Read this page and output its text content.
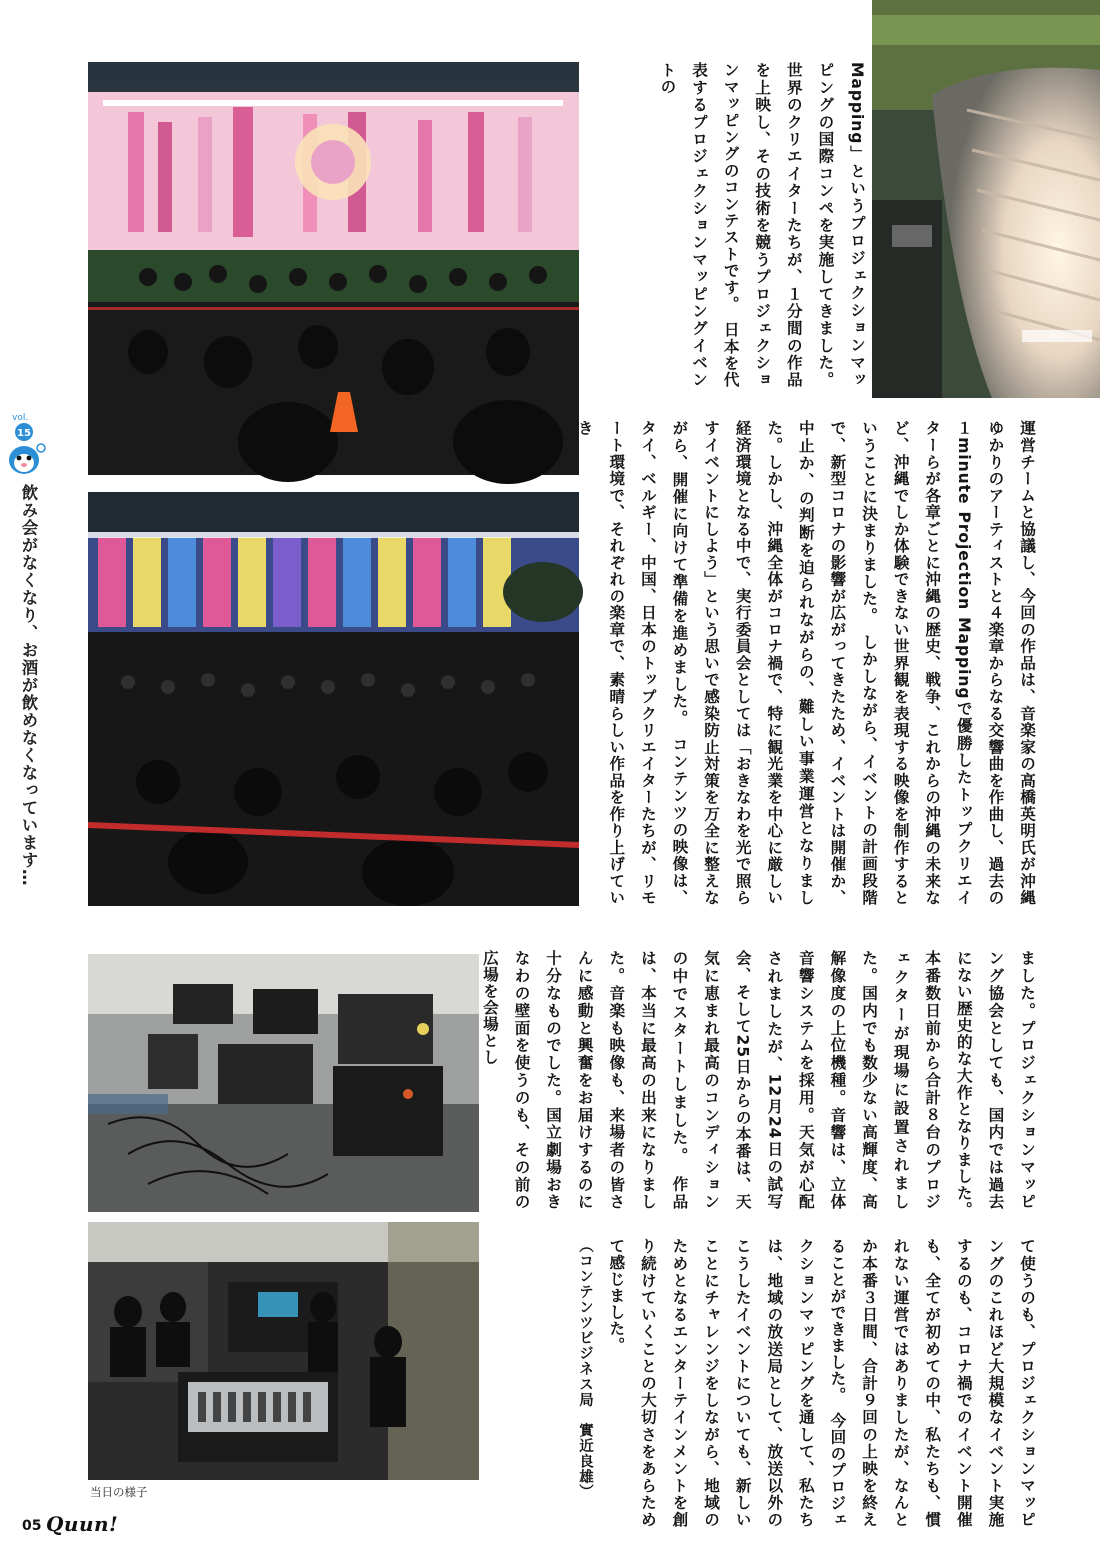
運営チームと協議し、今回の作品は、音楽家の高橋英明氏が沖縄ゆかりのアーティストと４楽章からなる交響曲を作曲し、過去の１minute Projection Mappingで優勝したトップクリエイターらが各章ごとに沖縄の歴史、戦争、これからの沖縄の未来など、沖縄でしか体験できない世界観を表現する映像を制作するということに決まりました。　しかしながら、イベントの計画段階で、新型コロナの影響が広がってきたため、イベントは開催か、中止か、の判断を迫られながらの、難しい事業運営となりました。しかし、沖縄全体がコロナ禍で、特に観光業を中心に厳しい経済環境となる中で、実行委員会としては「おきなわを光で照らすイベントにしよう」という思いで感染防止対策を万全に整えながら、開催に向けて準備を進めました。　コンテンツの映像は、タイ、ベルギー、中国、日本のトップクリエイターたちが、リモート環境で、それぞれの楽章で、素晴らしい作品を作り上げていき

Mapping」というプロジェクションマッピングの国際コンペを実施してきました。世界のクリエイターたちが、１分間の作品を上映し、その技術を競うプロジェクションマッピングのコンテストです。　日本を代表するプロジェクションマッピングイベントの

ました。プロジェクションマッピング協会としても、国内では過去にない歴史的な大作となりました。　本番数日前から合計８台のプロジェクターが現場に設置されました。国内でも数少ない高輝度、高解像度の上位機種。音響は、立体音響システムを採用。天気が心配されましたが、12月24日の試写会、そして25日からの本番は、天気に恵まれ最高のコンディションの中でスタートしました。　作品は、本当に最高の出来になりました。音楽も映像も、来場者の皆さんに感動と興奮をお届けするのに十分なものでした。国立劇場おきなわの壁面を使うのも、その前の広場を会場とし

て使うのも、プロジェクションマッピングのこれほど大規模なイベント実施するのも、コロナ禍でのイベント開催も、全てが初めての中、私たちも、慣れない運営ではありましたが、なんとか本番３日間、合計９回の上映を終えることができました。　今回のプロジェクションマッピングを通して、私たちは、地域の放送局として、放送以外のこうしたイベントについても、新しいことにチャレンジをしながら、地域のためとなるエンターテインメントを創り続けていくことの大切さをあらためて感じました。

（コンテンツビジネス局　實近良雄）

vol.
15
飲み会がなくなり、お酒が飲めなくなっています…
当日の様子
05 Quun!
